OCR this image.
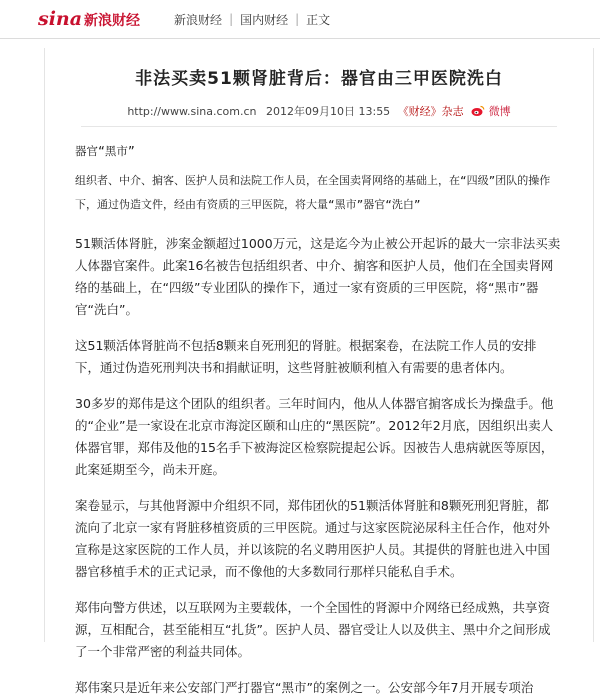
sina 新浪财经	新浪财经 | 国内财经 | 正文
非法买卖51颗肾脏背后：器官由三甲医院洗白
http://www.sina.com.cn 2012年09月10日 13:55 《财经》杂志 微博
器官“黑市”
组织者、中介、掮客、医护人员和法院工作人员，在全国卖肾网络的基础上，在“四级”团队的操作下，通过伪造文件，经由有资质的三甲医院，将大量“黑市”器官“洗白”

51颗活体肾脏，涉案金额超过1000万元，这是迄今为止被公开起诉的最大一宗非法买卖人体器官案件。此案16名被告包括组织者、中介、掮客和医护人员，他们在全国卖肾网络的基础上，在“四级”专业团队的操作下，通过一家有资质的三甲医院，将“黑市”器官“洗白”。

这51颗活体肾脏尚不包括8颗来自死刑犯的肾脏。根据案卷，在法院工作人员的安排下，通过伪造死刑判决书和捐献证明，这些肾脏被顺利植入有需要的患者体内。

30多岁的郑伟是这个团队的组织者。三年时间内，他从人体器官掮客成长为操盘手。他的“企业”是一家设在北京市海淀区颐和山庄的“黑医院”。2012年2月底，因组织出卖人体器官罪，郑伟及他的15名手下被海淀区检察院提起公诉。因被告人患病就医等原因，此案延期至今，尚未开庭。

案卷显示，与其他肾源中介组织不同，郑伟团伙的51颗活体肾脏和8颗死刑犯肾脏，都流向了北京一家有肾脏移植资质的三甲医院。通过与这家医院泌尿科主任合作，他对外宣称是这家医院的工作人员，并以该院的名义聘用医护人员。其提供的肾脏也进入中国器官移植手术的正式记录，而不像他的大多数同行那样只能私自手术。

郑伟向警方供述，以互联网为主要载体，一个全国性的肾源中介网络已经成熟，共享资源，互相配合，甚至能相互“扎货”。医护人员、器官受让人以及供主、黑中介之间形成了一个非常严密的利益共同体。

郑伟案只是近年来公安部门严打器官“黑市”的案例之一。公安部今年7月开展专项治
